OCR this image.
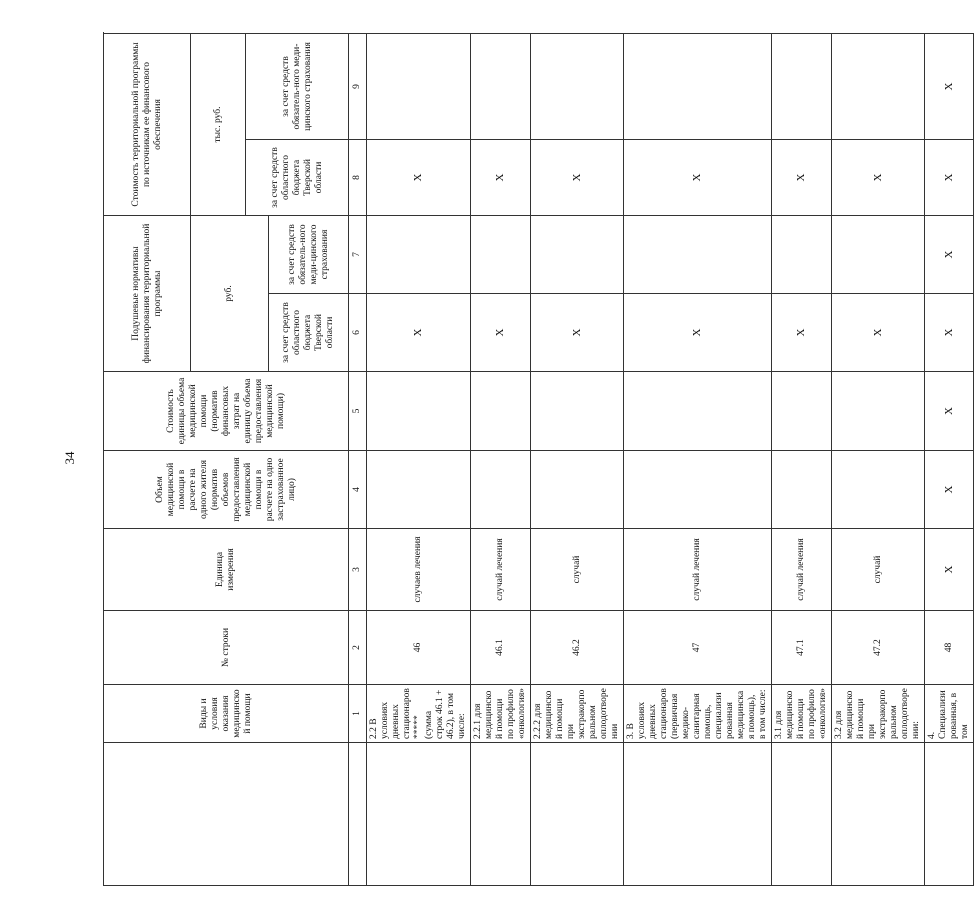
34
	Виды и условия оказания медицинской помощи	№ строки	Единица измерения	Объем медицинской помощи в расчете на одного жителя (норматив объемов предоставления медицинской помощи в расчете на одно застрахованное лицо)	Стоимость единицы объема медицинской помощи (норматив финансовых затрат на единицу объема предоставления медицинской помощи)	Подушевые нормативы финансирования территориальной программы		Стоимость территориальной программы по источникам ее финансового обеспечения		
						руб.		тыс. руб.	
								за счет средств областного бюджета Тверской области	за счет средств обязатель-ного меди-цинского страхования	
						за счет средств областного бюджета Тверской области	за счет средств обязатель-ного меди-цинского страхования			
	1	2	3	4	5	6	7	8	9	
	2.2 В условиях дневных стационаров ***** (сумма строк 46.1 + 46.2), в том числе:	46	случаев лечения			X		X		
	2.2.1 для медицинской помощи по профилю «онкология»	46.1	случай лечения			X		X		
	2.2.2 для медицинской помощи при экстракорпоральном оплодотворении	46.2	случай			X		X		
	3. В условиях дневных стационаров (первичная медико-санитарная помощь, специализированная медицинская помощь), в том числе:	47	случай лечения			X		X		
	3.1 для медицинской помощи по профилю «онкология»	47.1	случай лечения			X		X		
	3.2 для медицинской помощи при экстракорпоральном оплодотворении:	47.2	случай			X		X		
	4. Специализированная, в том	48	X	X	X	X	X	X	X	
